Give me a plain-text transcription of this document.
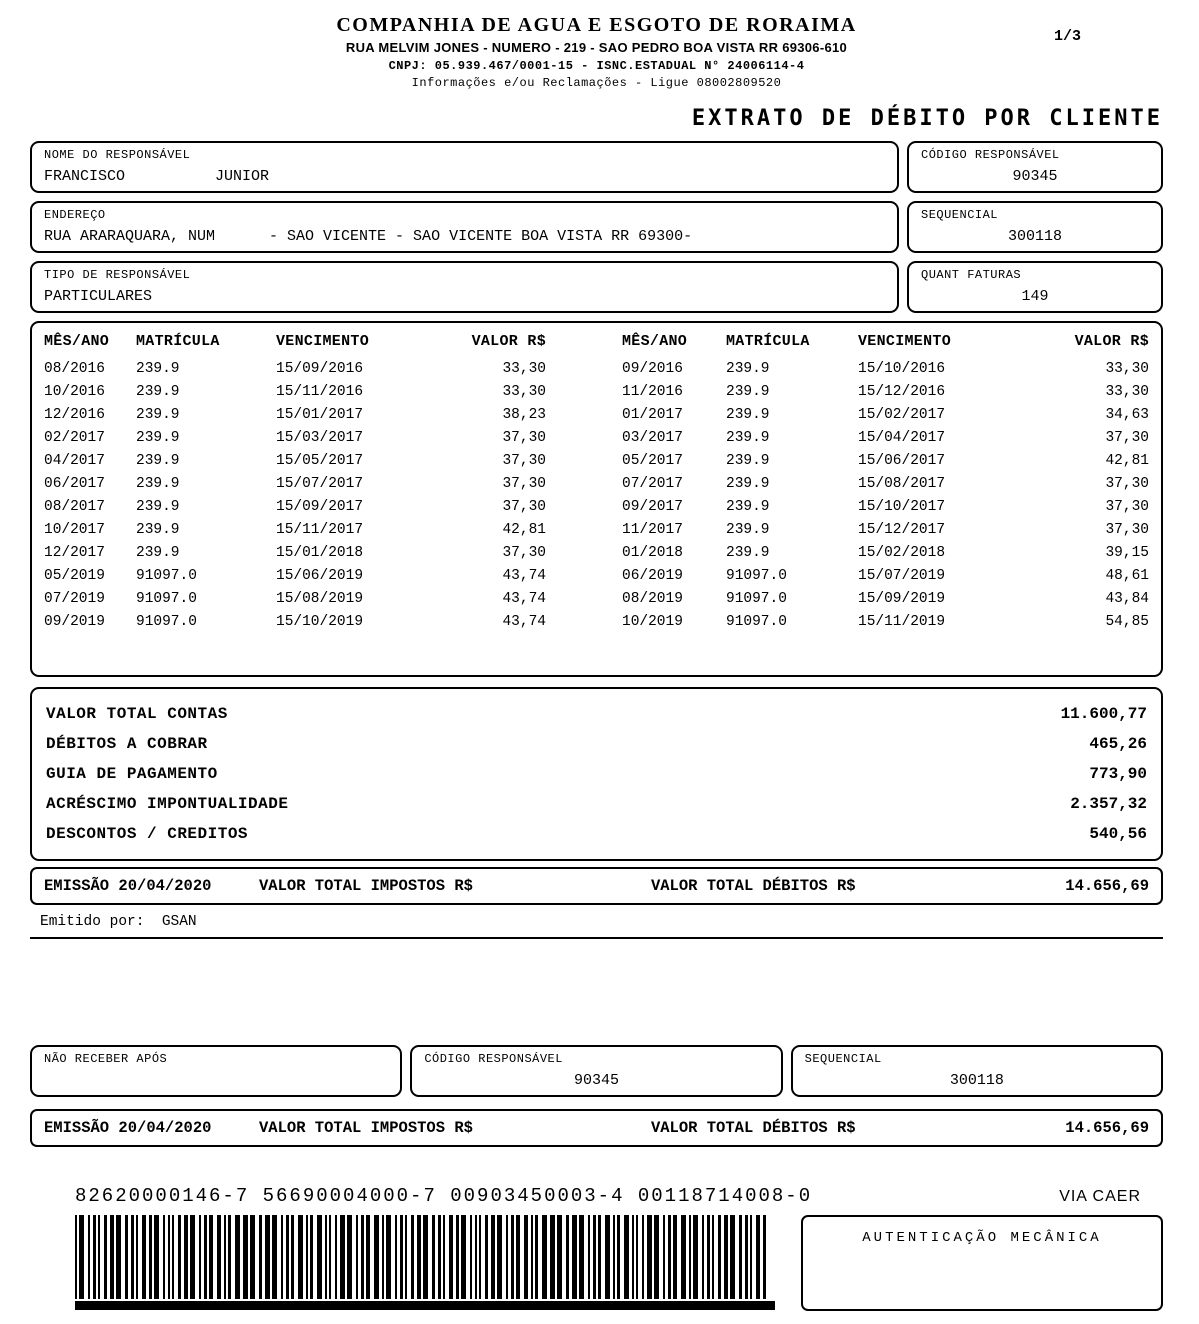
1/3
COMPANHIA DE AGUA E ESGOTO DE RORAIMA
RUA MELVIM JONES - NUMERO - 219 - SAO PEDRO BOA VISTA RR 69306-610
CNPJ: 05.939.467/0001-15 - ISNC.ESTADUAL N° 24006114-4
Informações e/ou Reclamações - Ligue 08002809520
EXTRATO DE DÉBITO POR CLIENTE
NOME DO RESPONSÁVEL
FRANCISCO          JUNIOR
CÓDIGO RESPONSÁVEL
90345
ENDEREÇO
RUA ARARAQUARA, NUM      - SAO VICENTE - SAO VICENTE BOA VISTA RR 69300-
SEQUENCIAL
300118
TIPO DE RESPONSÁVEL
PARTICULARES
QUANT FATURAS
149
MÊS/ANO	MATRÍCULA	VENCIMENTO	VALOR R$	MÊS/ANO	MATRÍCULA	VENCIMENTO	VALOR R$
08/2016	239.9	15/09/2016	33,30	09/2016	239.9	15/10/2016	33,30
10/2016	239.9	15/11/2016	33,30	11/2016	239.9	15/12/2016	33,30
12/2016	239.9	15/01/2017	38,23	01/2017	239.9	15/02/2017	34,63
02/2017	239.9	15/03/2017	37,30	03/2017	239.9	15/04/2017	37,30
04/2017	239.9	15/05/2017	37,30	05/2017	239.9	15/06/2017	42,81
06/2017	239.9	15/07/2017	37,30	07/2017	239.9	15/08/2017	37,30
08/2017	239.9	15/09/2017	37,30	09/2017	239.9	15/10/2017	37,30
10/2017	239.9	15/11/2017	42,81	11/2017	239.9	15/12/2017	37,30
12/2017	239.9	15/01/2018	37,30	01/2018	239.9	15/02/2018	39,15
05/2019	91097.0	15/06/2019	43,74	06/2019	91097.0	15/07/2019	48,61
07/2019	91097.0	15/08/2019	43,74	08/2019	91097.0	15/09/2019	43,84
09/2019	91097.0	15/10/2019	43,74	10/2019	91097.0	15/11/2019	54,85
VALOR TOTAL CONTAS	11.600,77
DÉBITOS A COBRAR	465,26
GUIA DE PAGAMENTO	773,90
ACRÉSCIMO IMPONTUALIDADE	2.357,32
DESCONTOS / CREDITOS	540,56
EMISSÃO 20/04/2020	VALOR TOTAL IMPOSTOS R$	VALOR TOTAL DÉBITOS R$	14.656,69
Emitido por:  GSAN
NÃO RECEBER APÓS	CÓDIGO RESPONSÁVEL
90345
SEQUENCIAL
300118
EMISSÃO 20/04/2020	VALOR TOTAL IMPOSTOS R$	VALOR TOTAL DÉBITOS R$	14.656,69
82620000146-7 56690004000-7 00903450003-4 00118714008-0	VIA CAER
AUTENTICAÇÃO MECÂNICA
